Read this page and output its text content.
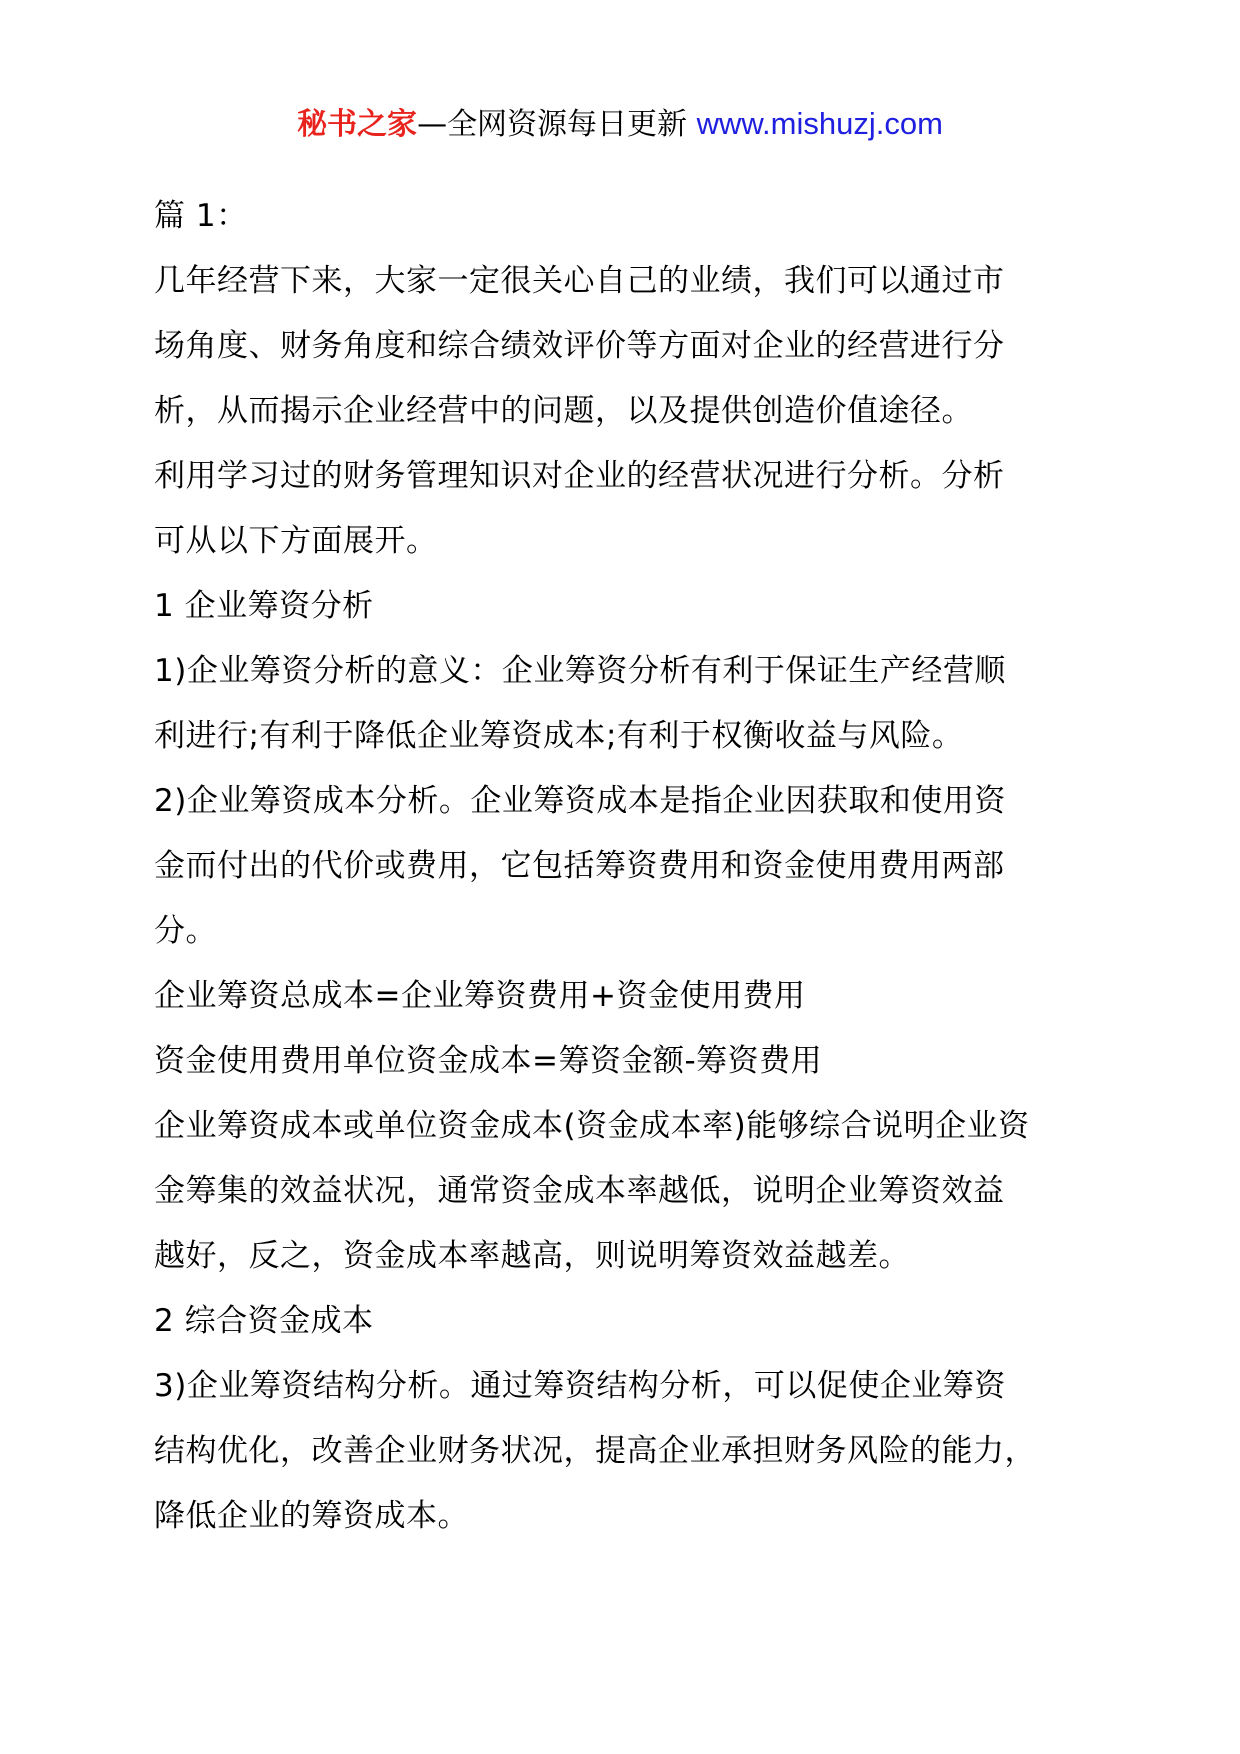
秘书之家—全网资源每日更新 www.mishuzj.com
篇 1：
几年经营下来，大家一定很关心自己的业绩，我们可以通过市
场角度、财务角度和综合绩效评价等方面对企业的经营进行分
析，从而揭示企业经营中的问题，以及提供创造价值途径。
利用学习过的财务管理知识对企业的经营状况进行分析。分析
可从以下方面展开。
1 企业筹资分析
1)企业筹资分析的意义：企业筹资分析有利于保证生产经营顺
利进行;有利于降低企业筹资成本;有利于权衡收益与风险。
2)企业筹资成本分析。企业筹资成本是指企业因获取和使用资
金而付出的代价或费用，它包括筹资费用和资金使用费用两部
分。
企业筹资总成本=企业筹资费用+资金使用费用
资金使用费用单位资金成本=筹资金额-筹资费用
企业筹资成本或单位资金成本(资金成本率)能够综合说明企业资
金筹集的效益状况，通常资金成本率越低，说明企业筹资效益
越好，反之，资金成本率越高，则说明筹资效益越差。
2 综合资金成本
3)企业筹资结构分析。通过筹资结构分析，可以促使企业筹资
结构优化，改善企业财务状况，提高企业承担财务风险的能力，
降低企业的筹资成本。
